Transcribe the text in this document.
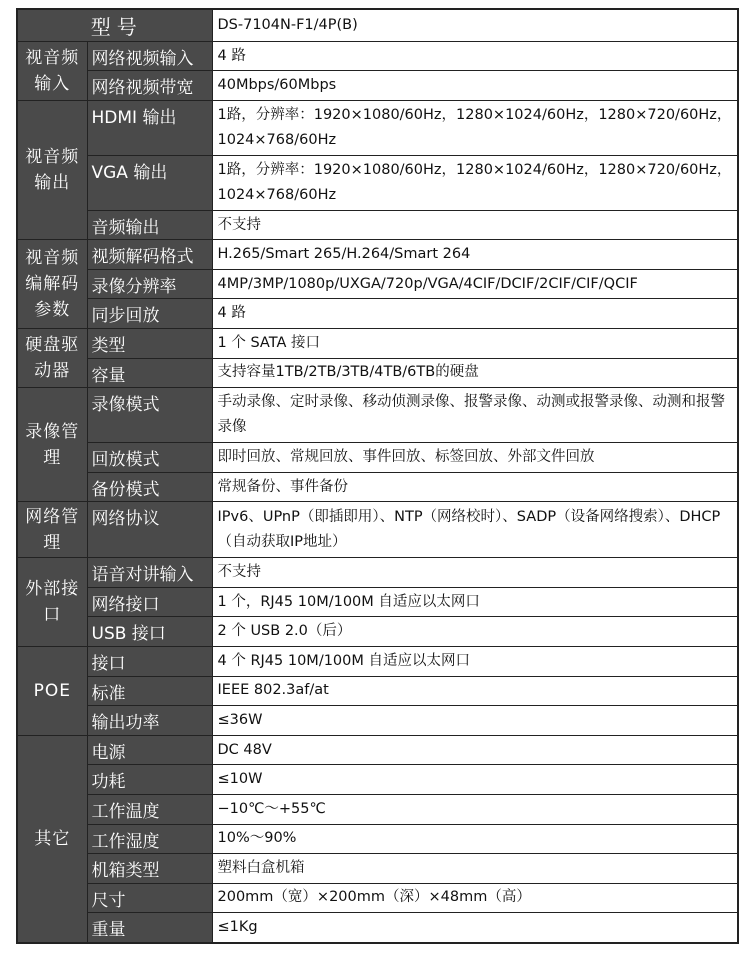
型号		DS-7104N-F1/4P(B)
视音频输入	网络视频输入	4 路
	网络视频带宽	40Mbps/60Mbps
视音频输出	HDMI 输出	1路，分辨率：1920×1080/60Hz，1280×1024/60Hz，1280×720/60Hz，1024×768/60Hz
	VGA 输出	1路，分辨率：1920×1080/60Hz，1280×1024/60Hz，1280×720/60Hz，1024×768/60Hz
	音频输出	不支持
视音频编解码参数	视频解码格式	H.265/Smart 265/H.264/Smart 264
	录像分辨率	4MP/3MP/1080p/UXGA/720p/VGA/4CIF/DCIF/2CIF/CIF/QCIF
	同步回放	4 路
硬盘驱动器	类型	1 个 SATA 接口
	容量	支持容量1TB/2TB/3TB/4TB/6TB的硬盘
录像管理	录像模式	手动录像、定时录像、移动侦测录像、报警录像、动测或报警录像、动测和报警录像
	回放模式	即时回放、常规回放、事件回放、标签回放、外部文件回放
	备份模式	常规备份、事件备份
网络管理	网络协议	IPv6、UPnP（即插即用）、NTP（网络校时）、SADP（设备网络搜索）、DHCP（自动获取IP地址）
外部接口	语音对讲输入	不支持
	网络接口	1 个，RJ45 10M/100M 自适应以太网口
	USB 接口	2 个 USB 2.0（后）
POE	接口	4 个 RJ45 10M/100M 自适应以太网口
	标准	IEEE 802.3af/at
	输出功率	≤36W
其它	电源	DC 48V
	功耗	≤10W
	工作温度	−10℃～+55℃
	工作湿度	10%～90%
	机箱类型	塑料白盒机箱
	尺寸	200mm（宽）×200mm（深）×48mm（高）
	重量	≤1Kg
